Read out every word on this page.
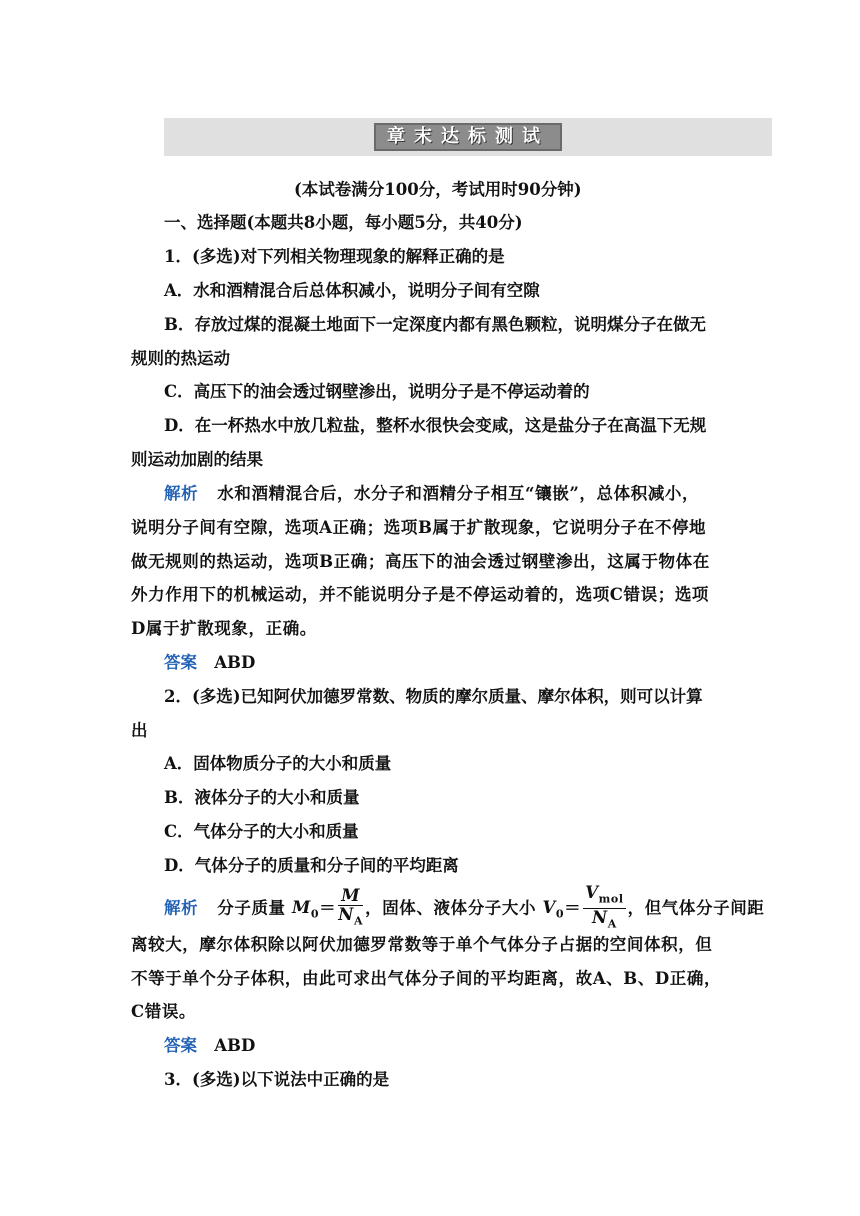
章末达标测试
(本试卷满分100分，考试用时90分钟)
一、选择题(本题共8小题，每小题5分，共40分)
1．(多选)对下列相关物理现象的解释正确的是
A．水和酒精混合后总体积减小，说明分子间有空隙
B．存放过煤的混凝土地面下一定深度内都有黑色颗粒，说明煤分子在做无
规则的热运动
C．高压下的油会透过钢壁渗出，说明分子是不停运动着的
D．在一杯热水中放几粒盐，整杯水很快会变咸，这是盐分子在高温下无规
则运动加剧的结果
解析 水和酒精混合后，水分子和酒精分子相互“镶嵌”，总体积减小，
说明分子间有空隙，选项A正确；选项B属于扩散现象，它说明分子在不停地
做无规则的热运动，选项B正确；高压下的油会透过钢壁渗出，这属于物体在
外力作用下的机械运动，并不能说明分子是不停运动着的，选项C错误；选项
D属于扩散现象，正确。
答案 ABD
2．(多选)已知阿伏加德罗常数、物质的摩尔质量、摩尔体积，则可以计算
出
A．固体物质分子的大小和质量
B．液体分子的大小和质量
C．气体分子的大小和质量
D．气体分子的质量和分子间的平均距离
解析 分子质量 $M_0= \frac{M}{N_A}$ ，固体、液体分子大小 $V_0= \frac{V_{mol}}{N_A}$ ，但气体分子间距
离较大，摩尔体积除以阿伏加德罗常数等于单个气体分子占据的空间体积，但
不等于单个分子体积，由此可求出气体分子间的平均距离，故A、B、D正确，
C错误。
答案 ABD
3．(多选)以下说法中正确的是
